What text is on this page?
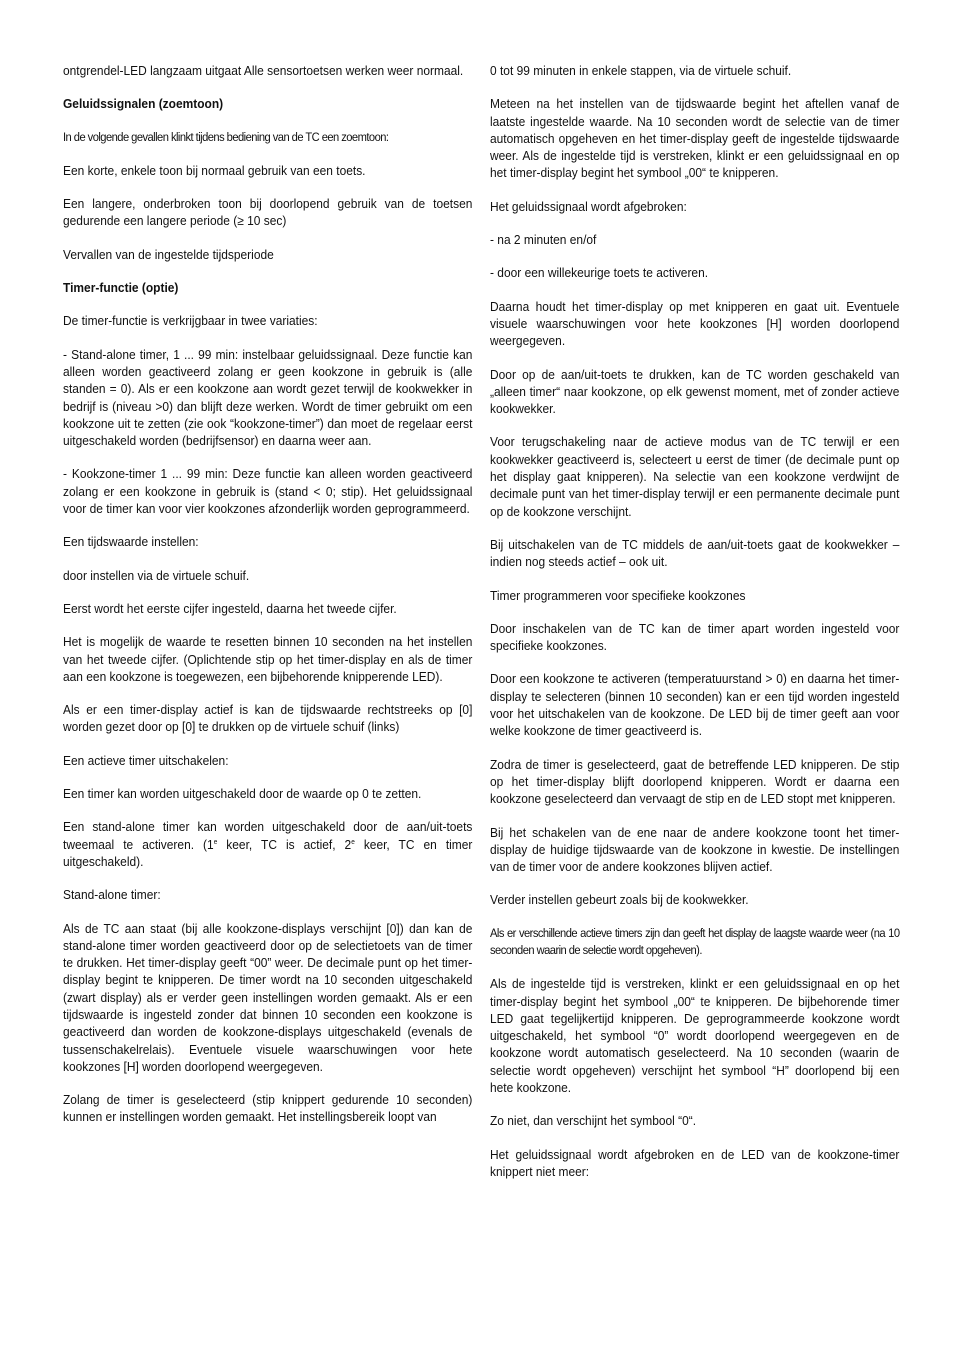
ontgrendel-LED langzaam uitgaat Alle sensortoetsen werken weer normaal.

Geluidssignalen (zoemtoon)

In de volgende gevallen klinkt tijdens bediening van de TC een zoemtoon:

Een korte, enkele toon bij normaal gebruik van een toets.

Een langere, onderbroken toon bij doorlopend gebruik van de toetsen gedurende een langere periode (≥ 10 sec)

Vervallen van de ingestelde tijdsperiode

Timer-functie (optie)

De timer-functie is verkrijgbaar in twee variaties:

- Stand-alone timer, 1 ... 99 min: instelbaar geluidssignaal. Deze functie kan alleen worden geactiveerd zolang er geen kookzone in gebruik is (alle standen = 0). Als er een kookzone aan wordt gezet terwijl de kookwekker in bedrijf is (niveau >0) dan blijft deze werken. Wordt de timer gebruikt om een kookzone uit te zetten (zie ook “kookzone-timer”) dan moet de regelaar eerst uitgeschakeld worden (bedrijfsensor) en daarna weer aan.

- Kookzone-timer 1 ... 99 min: Deze functie kan alleen worden geactiveerd zolang er een kookzone in gebruik is (stand < 0; stip). Het geluidssignaal voor de timer kan voor vier kookzones afzonderlijk worden geprogrammeerd.

Een tijdswaarde instellen:

door instellen via de virtuele schuif.

Eerst wordt het eerste cijfer ingesteld, daarna het tweede cijfer.

Het is mogelijk de waarde te resetten binnen 10 seconden na het instellen van het tweede cijfer. (Oplichtende stip op het timer-display en als de timer aan een kookzone is toegewezen, een bijbehorende knipperende LED).

Als er een timer-display actief is kan de tijdswaarde rechtstreeks op [0] worden gezet door op [0] te drukken op de virtuele schuif (links)

Een actieve timer uitschakelen:

Een timer kan worden uitgeschakeld door de waarde op 0 te zetten.

Een stand-alone timer kan worden uitgeschakeld door de aan/uit-toets tweemaal te activeren. (1e keer, TC is actief, 2e keer, TC en timer uitgeschakeld).

Stand-alone timer:

Als de TC aan staat (bij alle kookzone-displays verschijnt [0]) dan kan de stand-alone timer worden geactiveerd door op de selectietoets van de timer te drukken. Het timer-display geeft “00” weer. De decimale punt op het timer-display begint te knipperen. De timer wordt na 10 seconden uitgeschakeld (zwart display) als er verder geen instellingen worden gemaakt. Als er een tijdswaarde is ingesteld zonder dat binnen 10 seconden een kookzone is geactiveerd dan worden de kookzone-displays uitgeschakeld (evenals de tussenschakelrelais). Eventuele visuele waarschuwingen voor hete kookzones [H] worden doorlopend weergegeven.

Zolang de timer is geselecteerd (stip knippert gedurende 10 seconden) kunnen er instellingen worden gemaakt. Het instellingsbereik loopt van

0 tot 99 minuten in enkele stappen, via de virtuele schuif.

Meteen na het instellen van de tijdswaarde begint het aftellen vanaf de laatste ingestelde waarde. Na 10 seconden wordt de selectie van de timer automatisch opgeheven en het timer-display geeft de ingestelde tijdswaarde weer. Als de ingestelde tijd is verstreken, klinkt er een geluidssignaal en op het timer-display begint het symbool „00“ te knipperen.

Het geluidssignaal wordt afgebroken:

- na 2 minuten en/of

- door een willekeurige toets te activeren.

Daarna houdt het timer-display op met knipperen en gaat uit. Eventuele visuele waarschuwingen voor hete kookzones [H] worden doorlopend weergegeven.

Door op de aan/uit-toets te drukken, kan de TC worden geschakeld van „alleen timer“ naar kookzone, op elk gewenst moment, met of zonder actieve kookwekker.

Voor terugschakeling naar de actieve modus van de TC terwijl er een kookwekker geactiveerd is, selecteert u eerst de timer (de decimale punt op het display gaat knipperen). Na selectie van een kookzone verdwijnt de decimale punt van het timer-display terwijl er een permanente decimale punt op de kookzone verschijnt.

Bij uitschakelen van de TC middels de aan/uit-toets gaat de kookwekker – indien nog steeds actief – ook uit.

Timer programmeren voor specifieke kookzones

Door inschakelen van de TC kan de timer apart worden ingesteld voor specifieke kookzones.

Door een kookzone te activeren (temperatuurstand > 0) en daarna het timer-display te selecteren (binnen 10 seconden) kan er een tijd worden ingesteld voor het uitschakelen van de kookzone. De LED bij de timer geeft aan voor welke kookzone de timer geactiveerd is.

Zodra de timer is geselecteerd, gaat de betreffende LED knipperen. De stip op het timer-display blijft doorlopend knipperen. Wordt er daarna een kookzone geselecteerd dan vervaagt de stip en de LED stopt met knipperen.

Bij het schakelen van de ene naar de andere kookzone toont het timer-display de huidige tijdswaarde van de kookzone in kwestie. De instellingen van de timer voor de andere kookzones blijven actief.

Verder instellen gebeurt zoals bij de kookwekker.

Als er verschillende actieve timers zijn dan geeft het display de laagste waarde weer (na 10 seconden waarin de selectie wordt opgeheven).

Als de ingestelde tijd is verstreken, klinkt er een geluidssignaal en op het timer-display begint het symbool „00“ te knipperen. De bijbehorende timer LED gaat tegelijkertijd knipperen. De geprogrammeerde kookzone wordt uitgeschakeld, het symbool “0” wordt doorlopend weergegeven en de kookzone wordt automatisch geselecteerd. Na 10 seconden (waarin de selectie wordt opgeheven) verschijnt het symbool “H” doorlopend bij een hete kookzone.

Zo niet, dan verschijnt het symbool “0“.

Het geluidssignaal wordt afgebroken en de LED van de kookzone-timer knippert niet meer:
